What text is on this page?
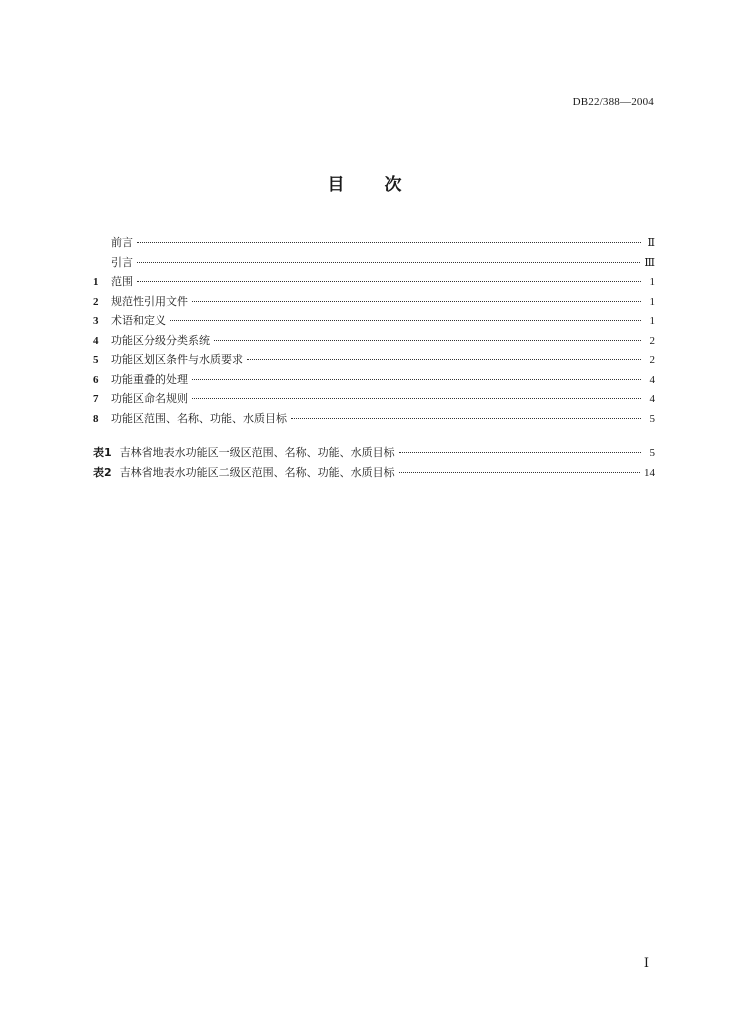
DB22/388—2004
目次
前言	Ⅱ
引言	Ⅲ
1	范围	1
2	规范性引用文件	1
3	术语和定义	1
4	功能区分级分类系统	2
5	功能区划区条件与水质要求	2
6	功能重叠的处理	4
7	功能区命名规则	4
8	功能区范围、名称、功能、水质目标	5
表1 吉林省地表水功能区一级区范围、名称、功能、水质目标	5
表2 吉林省地表水功能区二级区范围、名称、功能、水质目标	14
Ⅰ
